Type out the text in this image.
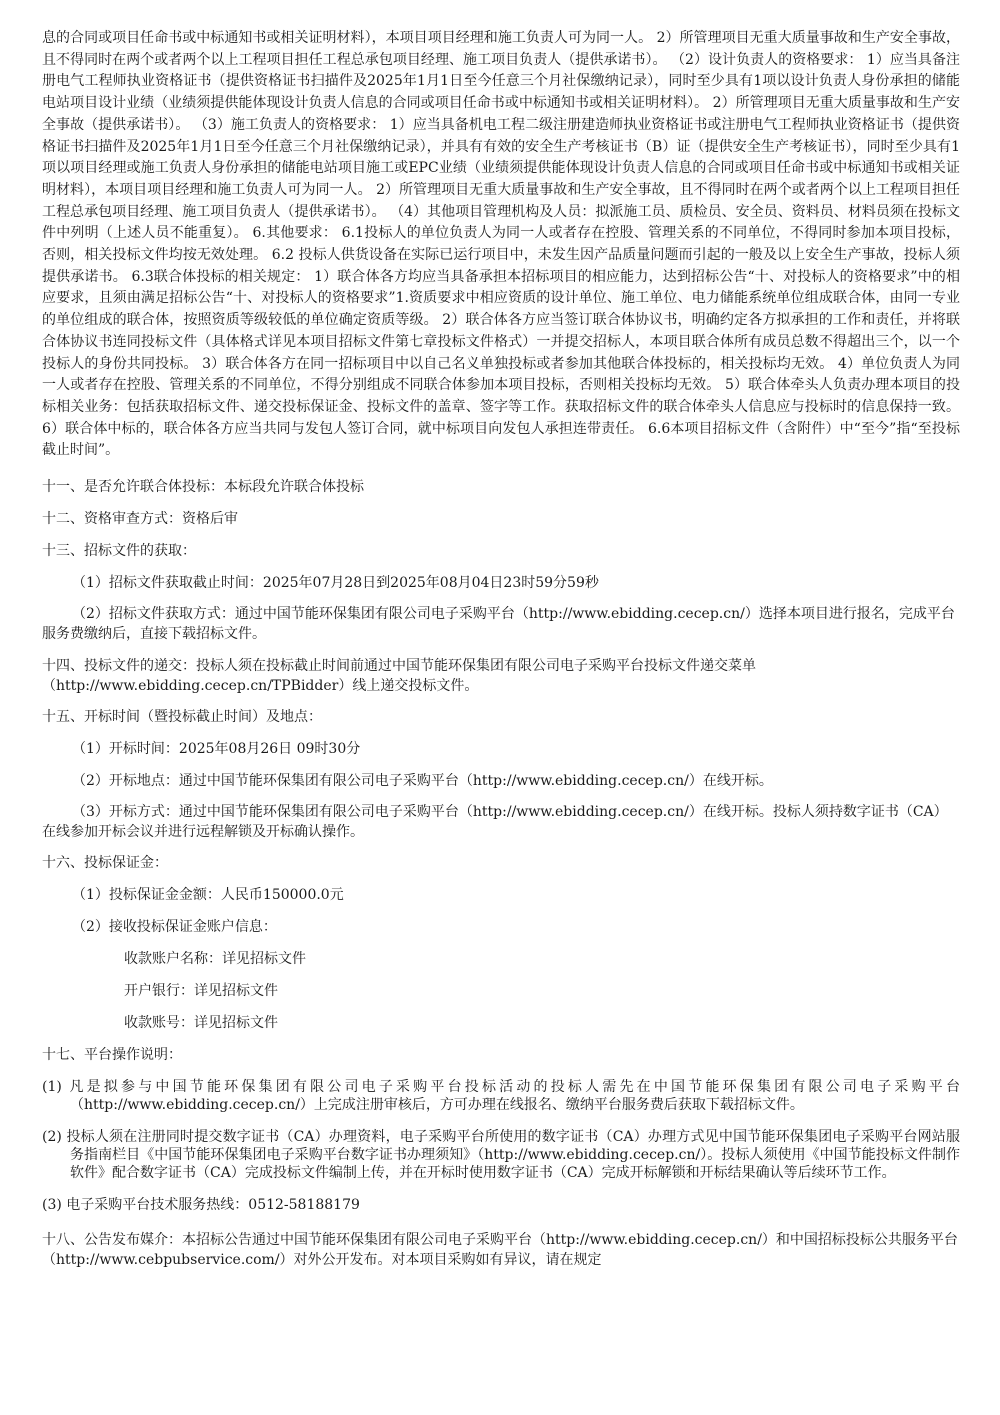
息的合同或项目任命书或中标通知书或相关证明材料），本项目项目经理和施工负责人可为同一人。 2）所管理项目无重大质量事故和生产安全事故，且不得同时在两个或者两个以上工程项目担任工程总承包项目经理、施工项目负责人（提供承诺书）。 （2）设计负责人的资格要求： 1）应当具备注册电气工程师执业资格证书（提供资格证书扫描件及2025年1月1日至今任意三个月社保缴纳记录），同时至少具有1项以设计负责人身份承担的储能电站项目设计业绩（业绩须提供能体现设计负责人信息的合同或项目任命书或中标通知书或相关证明材料）。 2）所管理项目无重大质量事故和生产安全事故（提供承诺书）。 （3）施工负责人的资格要求： 1）应当具备机电工程二级注册建造师执业资格证书或注册电气工程师执业资格证书（提供资格证书扫描件及2025年1月1日至今任意三个月社保缴纳记录），并具有有效的安全生产考核证书（B）证（提供安全生产考核证书），同时至少具有1项以项目经理或施工负责人身份承担的储能电站项目施工或EPC业绩（业绩须提供能体现设计负责人信息的合同或项目任命书或中标通知书或相关证明材料），本项目项目经理和施工负责人可为同一人。 2）所管理项目无重大质量事故和生产安全事故，且不得同时在两个或者两个以上工程项目担任工程总承包项目经理、施工项目负责人（提供承诺书）。 （4）其他项目管理机构及人员：拟派施工员、质检员、安全员、资料员、材料员须在投标文件中列明（上述人员不能重复）。 6.其他要求： 6.1投标人的单位负责人为同一人或者存在控股、管理关系的不同单位，不得同时参加本项目投标，否则，相关投标文件均按无效处理。 6.2 投标人供货设备在实际已运行项目中，未发生因产品质量问题而引起的一般及以上安全生产事故，投标人须提供承诺书。 6.3联合体投标的相关规定： 1）联合体各方均应当具备承担本招标项目的相应能力，达到招标公告“十、对投标人的资格要求”中的相应要求，且须由满足招标公告“十、对投标人的资格要求”1.资质要求中相应资质的设计单位、施工单位、电力储能系统单位组成联合体，由同一专业的单位组成的联合体，按照资质等级较低的单位确定资质等级。 2）联合体各方应当签订联合体协议书，明确约定各方拟承担的工作和责任，并将联合体协议书连同投标文件（具体格式详见本项目招标文件第七章投标文件格式）一并提交招标人，本项目联合体所有成员总数不得超出三个，以一个投标人的身份共同投标。 3）联合体各方在同一招标项目中以自己名义单独投标或者参加其他联合体投标的，相关投标均无效。 4）单位负责人为同一人或者存在控股、管理关系的不同单位，不得分别组成不同联合体参加本项目投标，否则相关投标均无效。 5）联合体牵头人负责办理本项目的投标相关业务：包括获取招标文件、递交投标保证金、投标文件的盖章、签字等工作。获取招标文件的联合体牵头人信息应与投标时的信息保持一致。 6）联合体中标的，联合体各方应当共同与发包人签订合同，就中标项目向发包人承担连带责任。 6.6本项目招标文件（含附件）中“至今”指“至投标截止时间”。

十一、是否允许联合体投标：本标段允许联合体投标

十二、资格审查方式：资格后审

十三、招标文件的获取：

（1）招标文件获取截止时间：2025年07月28日到2025年08月04日23时59分59秒

（2）招标文件获取方式：通过中国节能环保集团有限公司电子采购平台（http://www.ebidding.cecep.cn/）选择本项目进行报名，完成平台服务费缴纳后，直接下载招标文件。

十四、投标文件的递交：投标人须在投标截止时间前通过中国节能环保集团有限公司电子采购平台投标文件递交菜单（http://www.ebidding.cecep.cn/TPBidder）线上递交投标文件。

十五、开标时间（暨投标截止时间）及地点：

（1）开标时间：2025年08月26日 09时30分

（2）开标地点：通过中国节能环保集团有限公司电子采购平台（http://www.ebidding.cecep.cn/）在线开标。

（3）开标方式：通过中国节能环保集团有限公司电子采购平台（http://www.ebidding.cecep.cn/）在线开标。投标人须持数字证书（CA）在线参加开标会议并进行远程解锁及开标确认操作。

十六、投标保证金：

（1）投标保证金金额：人民币150000.0元

（2）接收投标保证金账户信息：

收款账户名称：详见招标文件

开户银行：详见招标文件

收款账号：详见招标文件

十七、平台操作说明：

(1) 凡是拟参与中国节能环保集团有限公司电子采购平台投标活动的投标人需先在中国节能环保集团有限公司电子采购平台（http://www.ebidding.cecep.cn/）上完成注册审核后，方可办理在线报名、缴纳平台服务费后获取下载招标文件。

(2) 投标人须在注册同时提交数字证书（CA）办理资料，电子采购平台所使用的数字证书（CA）办理方式见中国节能环保集团电子采购平台网站服务指南栏目《中国节能环保集团电子采购平台数字证书办理须知》（http://www.ebidding.cecep.cn/）。投标人须使用《中国节能投标文件制作软件》配合数字证书（CA）完成投标文件编制上传，并在开标时使用数字证书（CA）完成开标解锁和开标结果确认等后续环节工作。

(3) 电子采购平台技术服务热线：0512-58188179

十八、公告发布媒介：本招标公告通过中国节能环保集团有限公司电子采购平台（http://www.ebidding.cecep.cn/）和中国招标投标公共服务平台（http://www.cebpubservice.com/）对外公开发布。对本项目采购如有异议，请在规定
